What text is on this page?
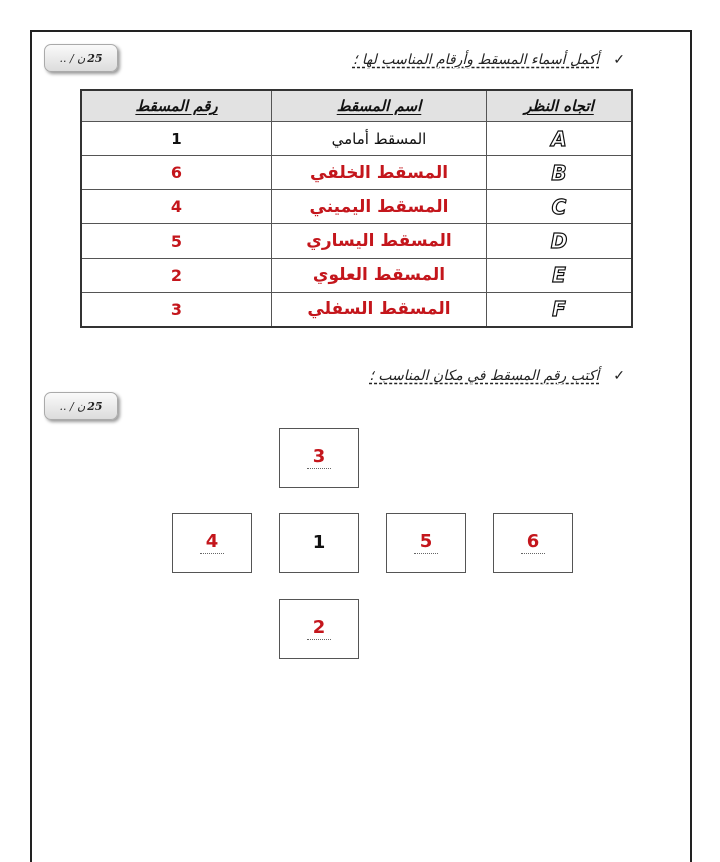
25
ن

/ ..	✓أكمل أسماء المسقط وأرقام المناسب لها ؛
اتجاه النظر	اسم المسقط	رقم المسقط
A	المسقط أمامي	1
B	المسقط الخلفي	6
C	المسقط اليميني	4
D	المسقط اليساري	5
E	المسقط العلوي	2
F	المسقط السفلي	3
25
ن

/ ..
✓أكتب رقم المسقط في مكان المناسب ؛
3
4	1	5	6
2
